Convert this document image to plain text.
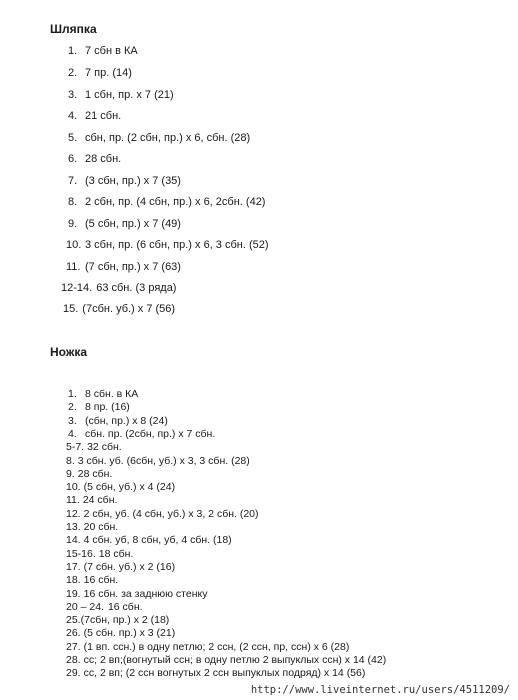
Шляпка
1. 7 сбн в КА
2. 7 пр. (14)
3. 1 сбн, пр. х 7 (21)
4. 21 сбн.
5. сбн, пр. (2 сбн, пр.) х 6, сбн. (28)
6. 28 сбн.
7. (3 сбн, пр.) х 7 (35)
8. 2 сбн, пр. (4 сбн, пр.) х 6, 2сбн. (42)
9. (5 сбн, пр.) х 7 (49)
10. 3 сбн, пр. (6 сбн, пр.) х 6, 3 сбн. (52)
11. (7 сбн, пр.) х 7 (63)
12-14. 63 сбн. (3 ряда)
15. (7сбн. уб.) х 7 (56)
Ножка
1. 8 сбн. в КА
2. 8 пр. (16)
3. (сбн, пр.) х 8 (24)
4. сбн. пр. (2сбн, пр.) х 7 сбн.
5-7. 32 сбн.
8. 3 сбн. уб. (6сбн, уб.) х 3, 3 сбн. (28)
9. 28 сбн.
10. (5 сбн, уб.) х 4 (24)
11. 24 сбн.
12. 2 сбн, уб. (4 сбн, уб.) х 3, 2 сбн. (20)
13. 20 сбн.
14. 4 сбн. уб, 8 сбн, уб, 4 сбн. (18)
15-16. 18 сбн.
17. (7 сбн. уб.) х 2 (16)
18. 16 сбн.
19. 16 сбн. за заднюю стенку
20 – 24. 16 сбн.
25.(7сбн, пр.) х 2 (18)
26. (5 сбн. пр.) х 3 (21)
27. (1 вп. ссн.) в одну петлю; 2 ссн, (2 ссн, пр, ссн) х 6 (28)
28. сс; 2 вп;(вогнутый ссн; в одну петлю 2 выпуклых ссн) х 14 (42)
29. сс, 2 вп; (2 ссн вогнутых 2 ссн выпуклых подряд) х 14 (56)
http://www.liveinternet.ru/users/4511209/
